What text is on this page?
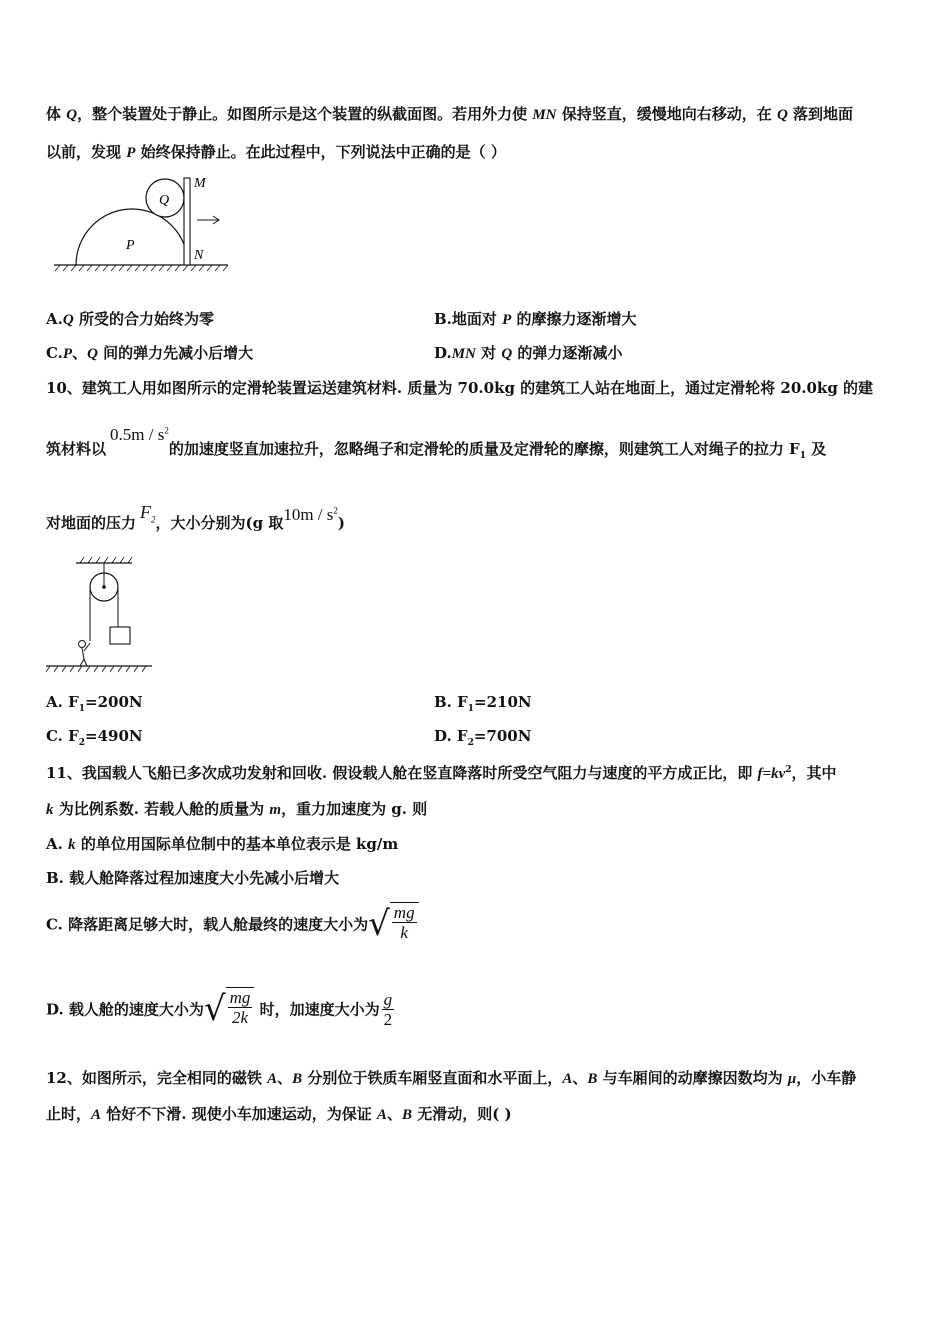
体 Q，整个装置处于静止。如图所示是这个装置的纵截面图。若用外力使 MN 保持竖直，缓慢地向右移动，在 Q 落到地面
以前，发现 P 始终保持静止。在此过程中，下列说法中正确的是（ ）
M
Q
P
N
A.Q 所受的合力始终为零	B.地面对 P 的摩擦力逐渐增大
C.P、Q 间的弹力先减小后增大	D.MN 对 Q 的弹力逐渐减小
10、建筑工人用如图所示的定滑轮装置运送建筑材料. 质量为 70.0kg 的建筑工人站在地面上，通过定滑轮将 20.0kg 的建
筑材料以$0.5m / s^2$的加速度竖直加速拉升，忽略绳子和定滑轮的质量及定滑轮的摩擦，则建筑工人对绳子的拉力 $F_1$ 及
对地面的压力$F_2$，大小分别为(g 取$10m / s^2$)
A. $F_1=200N$	B. $F_1=210N$
C. $F_2=490N$	D. $F_2=700N$
11、我国载人飞船已多次成功发射和回收. 假设载人舱在竖直降落时所受空气阻力与速度的平方成正比，即 $f=kv^2$，其中
k 为比例系数. 若载人舱的质量为 m，重力加速度为 g. 则
A. k 的单位用国际单位制中的基本单位表示是 kg/m
B. 载人舱降落过程加速度大小先减小后增大
C. 降落距离足够大时，载人舱最终的速度大小为 √ $\frac{mg}{k}$
D. 载人舱的速度大小为 √ $\frac{mg}{2k}$ 时，加速度大小为 $\frac{g}{2}$
12、如图所示，完全相同的磁铁 A、B 分别位于铁质车厢竖直面和水平面上，A、B 与车厢间的动摩擦因数均为 μ，小车静
止时，A 恰好不下滑. 现使小车加速运动，为保证 A、B 无滑动，则( )
